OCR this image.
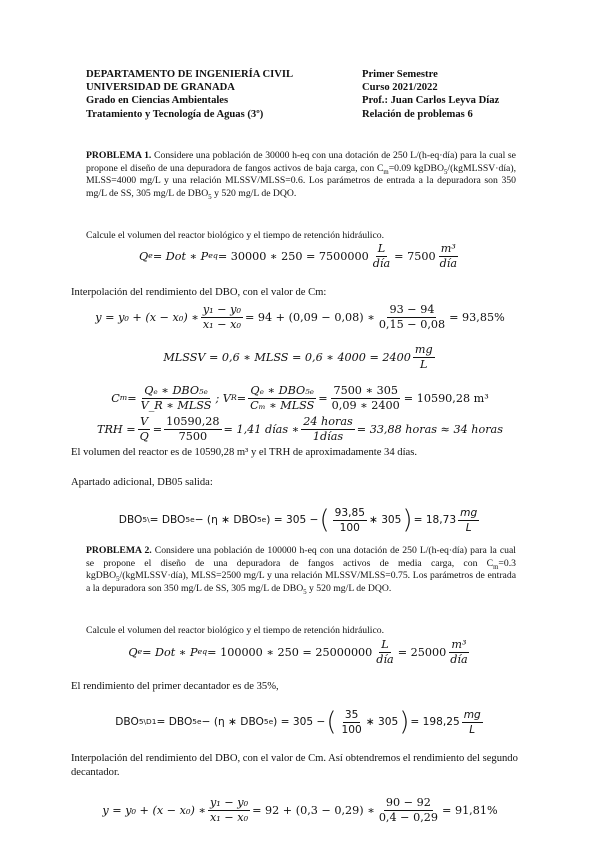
DEPARTAMENTO DE INGENIERÍA CIVIL
UNIVERSIDAD DE GRANADA
Grado en Ciencias Ambientales
Tratamiento y Tecnología de Aguas (3º)
Primer Semestre
Curso 2021/2022
Prof.: Juan Carlos Leyva Díaz
Relación de problemas 6
PROBLEMA 1. Considere una población de 30000 h-eq con una dotación de 250 L/(h-eq·día) para la cual se propone el diseño de una depuradora de fangos activos de baja carga, con $C_m=0.09$ kgDBO$_5$/(kgMLSSV·día), MLSS=4000 mg/L y una relación MLSSV/MLSS=0.6. Los parámetros de entrada a la depuradora son 350 mg/L de SS, 305 mg/L de $DBO_5$ y 520 mg/L de DQO.
Calcule el volumen del reactor biológico y el tiempo de retención hidráulico.
Q e = Dot ∗ P eq = 30000 ∗ $250 = 7500000 \frac{L}{\text{día}} = 7500 \frac{\text{m³}}{\text{día}}$
Interpolación del rendimiento del DBO, con el valor de Cm:
y = y₀ + (x − x₀) ∗ $\frac{\text{y₁ − y₀}}{\text{x₁ − x₀}} = 94 + (0,09 - 0,08)$ ∗ $\frac{93 - 94}{0,15 - 0,08} = 93,85\%$
MLSSV = 0,6 ∗ MLSS = 0,6 ∗ $4000 = 2400 \frac{mg}{L}$
C $m = \frac{\text{Qₑ ∗ DBO₅ₑ}}{\text{V\_R ∗ MLSS}}$ ; V $R = \frac{\text{Qₑ ∗ DBO₅ₑ}}{\text{Cₘ ∗ MLSS}} = \frac{7500 ∗ 305}{0,09 ∗ 2400} = 10590,28$ m³
TRH = $\frac{V}{Q} = \frac{10590,28}{7500} = 1,41$ días ∗ $\frac{\text{24 horas}}{\text{1días}} = 33,88$ horas ≈ 34 horas
El volumen del reactor es de 10590,28 m³ y el TRH de aproximadamente 34 días.
Apartado adicional, DB05 salida:
DBO 5\ = DBO 5e − (η ∗ DBO 5e ) = 305 − ( $\frac{93,85}{100}$ ∗ 305 ) = $18,73 \frac{mg}{L}$
PROBLEMA 2. Considere una población de 100000 h-eq con una dotación de 250 L/(h-eq·día) para la cual se propone el diseño de una depuradora de fangos activos de media carga, con $C_m=0.3$ kgDBO$_5$/(kgMLSSV·día), MLSS=2500 mg/L y una relación MLSSV/MLSS=0.75. Los parámetros de entrada a la depuradora son 350 mg/L de SS, 305 mg/L de $DBO_5$ y 520 mg/L de DQO.
Calcule el volumen del reactor biológico y el tiempo de retención hidráulico.
Q e = Dot ∗ P eq = 100000 ∗ $250 = 25000000 \frac{L}{\text{día}} = 25000 \frac{\text{m³}}{\text{día}}$
El rendimiento del primer decantador es de 35%,
DBO 5\D1 = DBO 5e − (η ∗ DBO 5e ) = 305 − ( $\frac{35}{100}$ ∗ 305 ) = $198,25 \frac{mg}{L}$
Interpolación del rendimiento del DBO, con el valor de Cm. Así obtendremos el rendimiento del segundo decantador.
y = y₀ + (x − x₀) ∗ $\frac{\text{y₁ − y₀}}{\text{x₁ − x₀}} = 92 + (0,3 - 0,29)$ ∗ $\frac{90 - 92}{0,4 - 0,29} = 91,81\%$
